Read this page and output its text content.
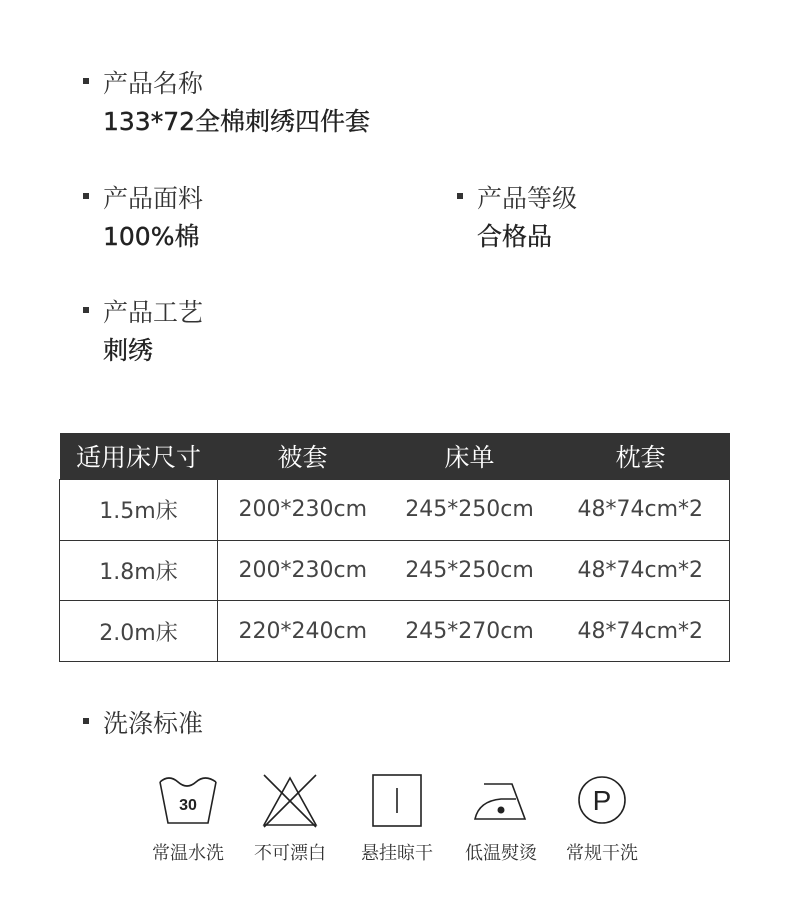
产品名称
133*72全棉刺绣四件套
产品面料
100%棉
产品等级
合格品
产品工艺
刺绣
适用床尺寸	被套	床单	枕套
1.5m床	200*230cm	245*250cm	48*74cm*2
1.8m床	200*230cm	245*250cm	48*74cm*2
2.0m床	220*240cm	245*270cm	48*74cm*2
洗涤标准
30
常温水洗	不可漂白	悬挂晾干	低温熨烫
P
常规干洗
